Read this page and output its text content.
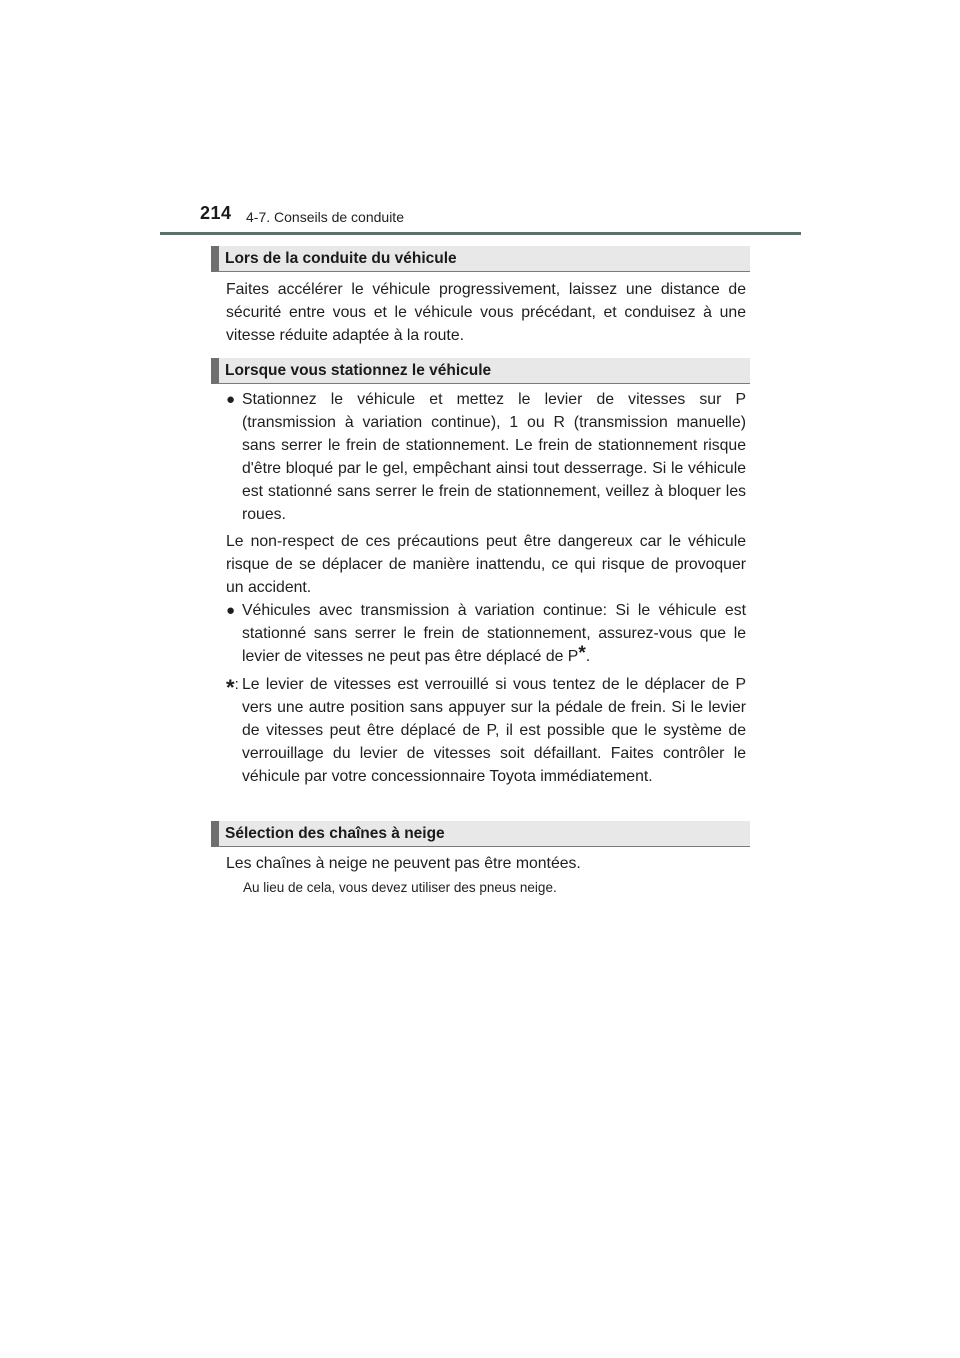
214 4-7. Conseils de conduite
Lors de la conduite du véhicule
Faites accélérer le véhicule progressivement, laissez une distance de sécurité entre vous et le véhicule vous précédant, et conduisez à une vitesse réduite adaptée à la route.
Lorsque vous stationnez le véhicule
● Stationnez le véhicule et mettez le levier de vitesses sur P (transmission à variation continue), 1 ou R (transmission manuelle) sans serrer le frein de stationnement. Le frein de stationnement risque d'être bloqué par le gel, empêchant ainsi tout desserrage. Si le véhicule est stationné sans serrer le frein de stationnement, veillez à bloquer les roues.
Le non-respect de ces précautions peut être dangereux car le véhicule risque de se déplacer de manière inattendu, ce qui risque de provoquer un accident.
● Véhicules avec transmission à variation continue: Si le véhicule est stationné sans serrer le frein de stationnement, assurez-vous que le levier de vitesses ne peut pas être déplacé de P*.
*: Le levier de vitesses est verrouillé si vous tentez de le déplacer de P vers une autre position sans appuyer sur la pédale de frein. Si le levier de vitesses peut être déplacé de P, il est possible que le système de verrouillage du levier de vitesses soit défaillant. Faites contrôler le véhicule par votre concessionnaire Toyota immédiatement.
Sélection des chaînes à neige
Les chaînes à neige ne peuvent pas être montées.
Au lieu de cela, vous devez utiliser des pneus neige.
